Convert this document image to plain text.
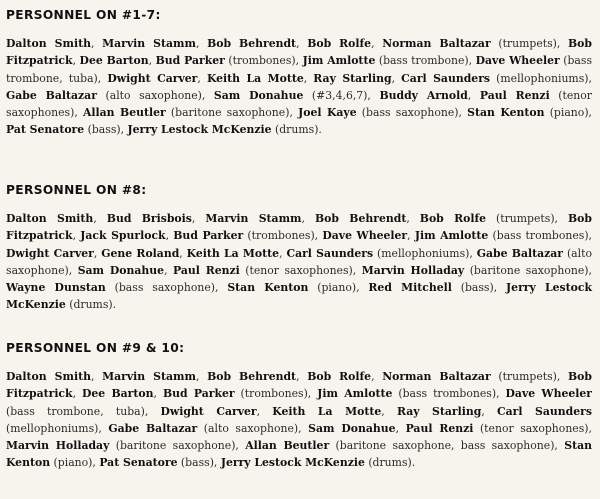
PERSONNEL ON #1-7:

Dalton Smith, Marvin Stamm, Bob Behrendt, Bob Rolfe, Norman Baltazar (trumpets), Bob Fitzpatrick, Dee Barton, Bud Parker (trombones), Jim Amlotte (bass trombone), Dave Wheeler (bass trombone, tuba), Dwight Carver, Keith La Motte, Ray Starling, Carl Saunders (mellophoniums), Gabe Baltazar (alto saxophone), Sam Donahue (#3,4,6,7), Buddy Arnold, Paul Renzi (tenor saxophones), Allan Beutler (baritone saxophone), Joel Kaye (bass saxophone), Stan Kenton (piano), Pat Senatore (bass), Jerry Lestock McKenzie (drums).

PERSONNEL ON #8:

Dalton Smith, Bud Brisbois, Marvin Stamm, Bob Behrendt, Bob Rolfe (trumpets), Bob Fitzpatrick, Jack Spurlock, Bud Parker (trombones), Dave Wheeler, Jim Amlotte (bass trombones), Dwight Carver, Gene Roland, Keith La Motte, Carl Saunders (mellophoniums), Gabe Baltazar (alto saxophone), Sam Donahue, Paul Renzi (tenor saxophones), Marvin Holladay (baritone saxophone), Wayne Dunstan (bass saxophone), Stan Kenton (piano), Red Mitchell (bass), Jerry Lestock McKenzie (drums).

PERSONNEL ON #9 & 10:

Dalton Smith, Marvin Stamm, Bob Behrendt, Bob Rolfe, Norman Baltazar (trumpets), Bob Fitzpatrick, Dee Barton, Bud Parker (trombones), Jim Amlotte (bass trombones), Dave Wheeler (bass trombone, tuba), Dwight Carver, Keith La Motte, Ray Starling, Carl Saunders (mellophoniums), Gabe Baltazar (alto saxophone), Sam Donahue, Paul Renzi (tenor saxophones), Marvin Holladay (baritone saxophone), Allan Beutler (baritone saxophone, bass saxophone), Stan Kenton (piano), Pat Senatore (bass), Jerry Lestock McKenzie (drums).
